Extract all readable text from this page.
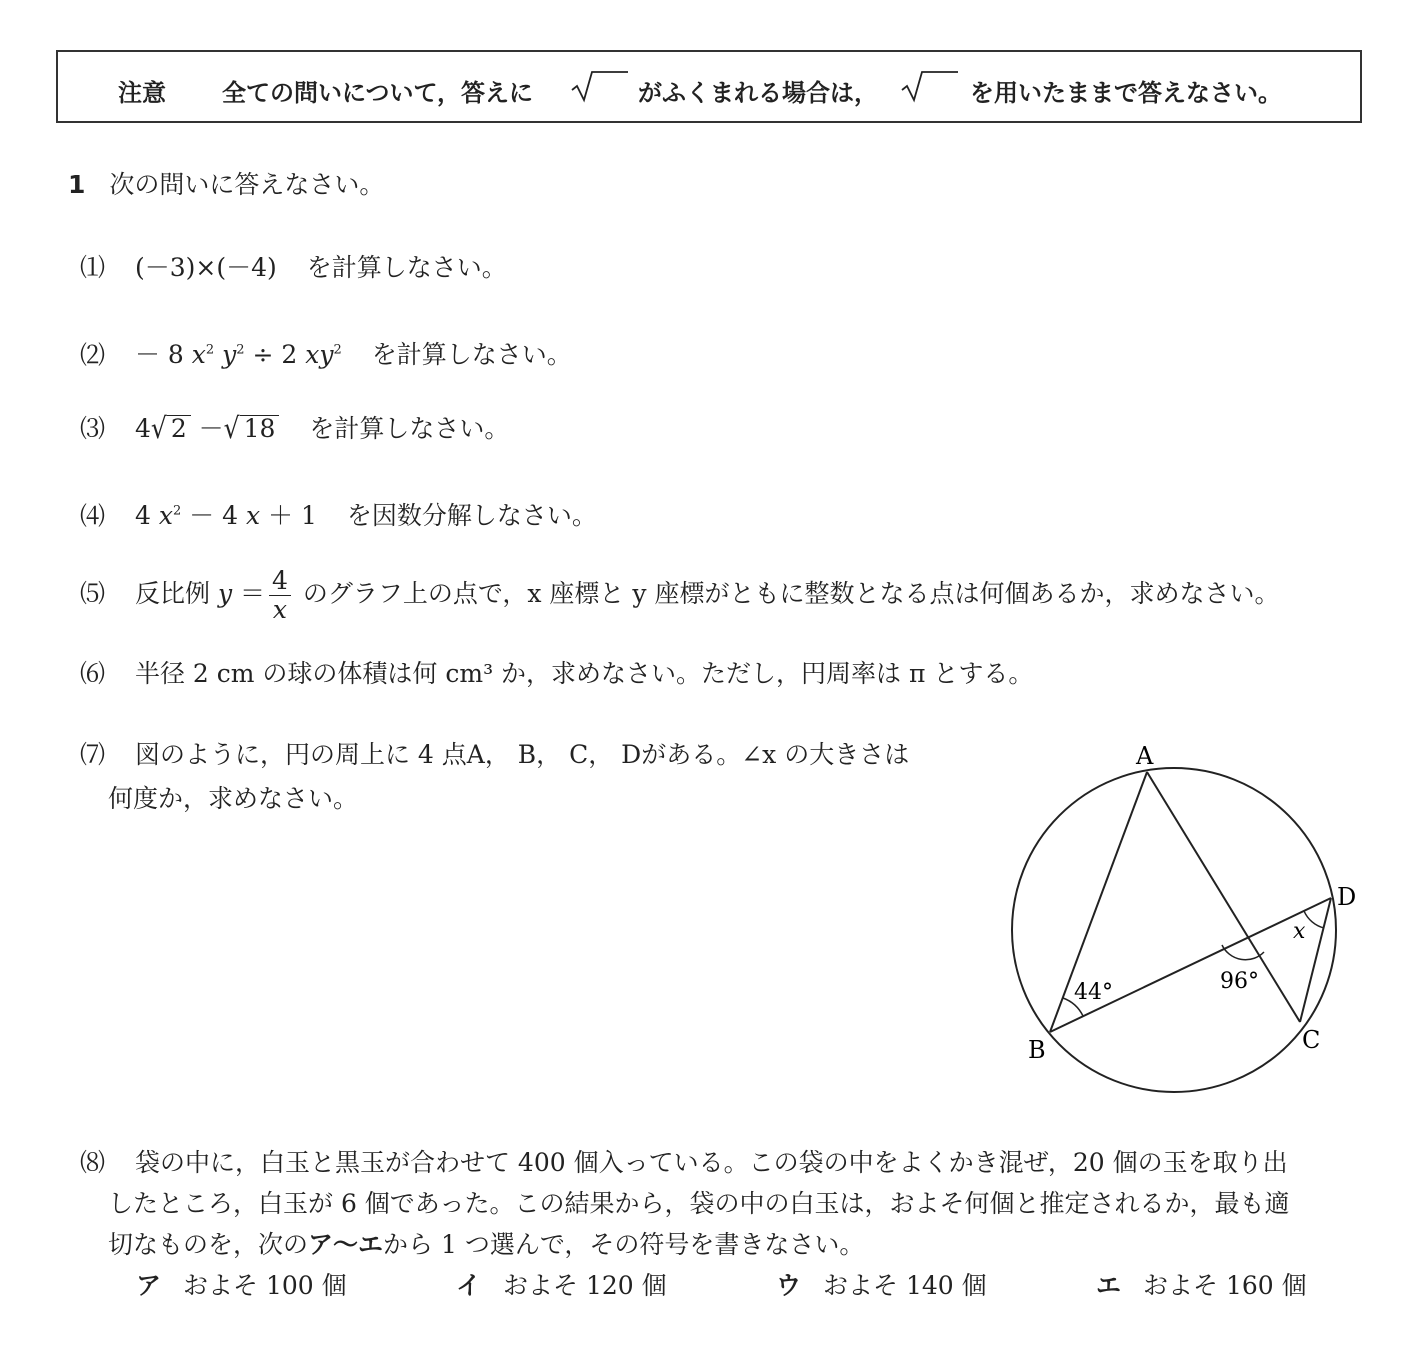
注意 全ての問いについて，答えに	がふくまれる場合は，	を用いたままで答えなさい。
1 次の問いに答えなさい。
⑴ (－3)×(－4) を計算しなさい。
⑵ － 8 $x^2$ $y^2 \div 2$ $xy^2$ を計算しなさい。
⑶ 4√ 2 －√ 18 を計算しなさい。
⑷ 4 $x^2 - 4$ x ＋ 1 を因数分解しなさい。
⑸ 反比例 $y = \frac{4}{x}$ のグラフ上の点で，x 座標と y 座標がともに整数となる点は何個あるか，求めなさい。
⑹ 半径 2 cm の球の体積は何 cm³ か，求めなさい。ただし，円周率は π とする。
⑺ 図のように，円の周上に 4 点A， B， C， Dがある。∠x の大きさは
何度か，求めなさい。
A
B	C
D
44°	96°
x
⑻ 袋の中に，白玉と黒玉が合わせて 400 個入っている。この袋の中をよくかき混ぜ，20 個の玉を取り出
したところ，白玉が 6 個であった。この結果から，袋の中の白玉は，およそ何個と推定されるか，最も適
切なものを，次のア～エから 1 つ選んで，その符号を書きなさい。
ア およそ 100 個	イ およそ 120 個	ウ およそ 140 個	エ およそ 160 個
